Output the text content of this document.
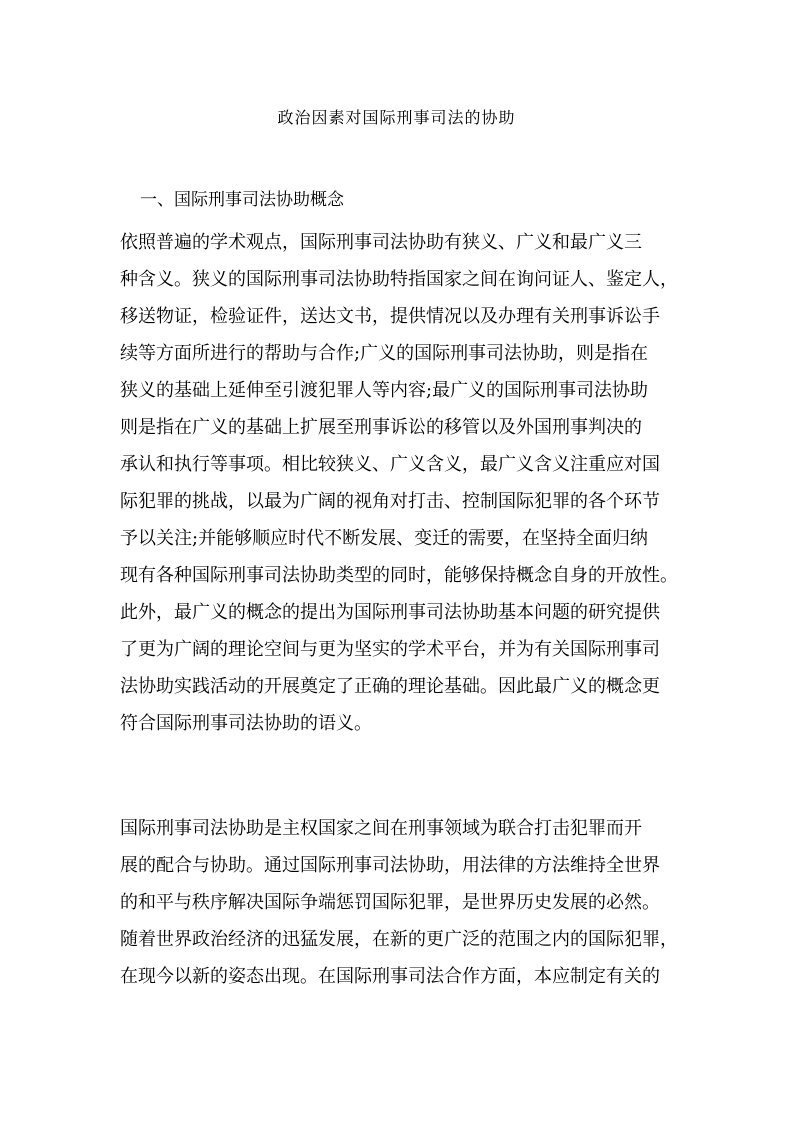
政治因素对国际刑事司法的协助
一、国际刑事司法协助概念
依照普遍的学术观点，国际刑事司法协助有狭义、广义和最广义三
种含义。狭义的国际刑事司法协助特指国家之间在询问证人、鉴定人，
移送物证，检验证件，送达文书，提供情况以及办理有关刑事诉讼手
续等方面所进行的帮助与合作;广义的国际刑事司法协助，则是指在
狭义的基础上延伸至引渡犯罪人等内容;最广义的国际刑事司法协助
则是指在广义的基础上扩展至刑事诉讼的移管以及外国刑事判决的
承认和执行等事项。相比较狭义、广义含义，最广义含义注重应对国
际犯罪的挑战，以最为广阔的视角对打击、控制国际犯罪的各个环节
予以关注;并能够顺应时代不断发展、变迁的需要，在坚持全面归纳
现有各种国际刑事司法协助类型的同时，能够保持概念自身的开放性。
此外，最广义的概念的提出为国际刑事司法协助基本问题的研究提供
了更为广阔的理论空间与更为坚实的学术平台，并为有关国际刑事司
法协助实践活动的开展奠定了正确的理论基础。因此最广义的概念更
符合国际刑事司法协助的语义。
国际刑事司法协助是主权国家之间在刑事领域为联合打击犯罪而开
展的配合与协助。通过国际刑事司法协助，用法律的方法维持全世界
的和平与秩序解决国际争端惩罚国际犯罪，是世界历史发展的必然。
随着世界政治经济的迅猛发展，在新的更广泛的范围之内的国际犯罪，
在现今以新的姿态出现。在国际刑事司法合作方面，本应制定有关的
